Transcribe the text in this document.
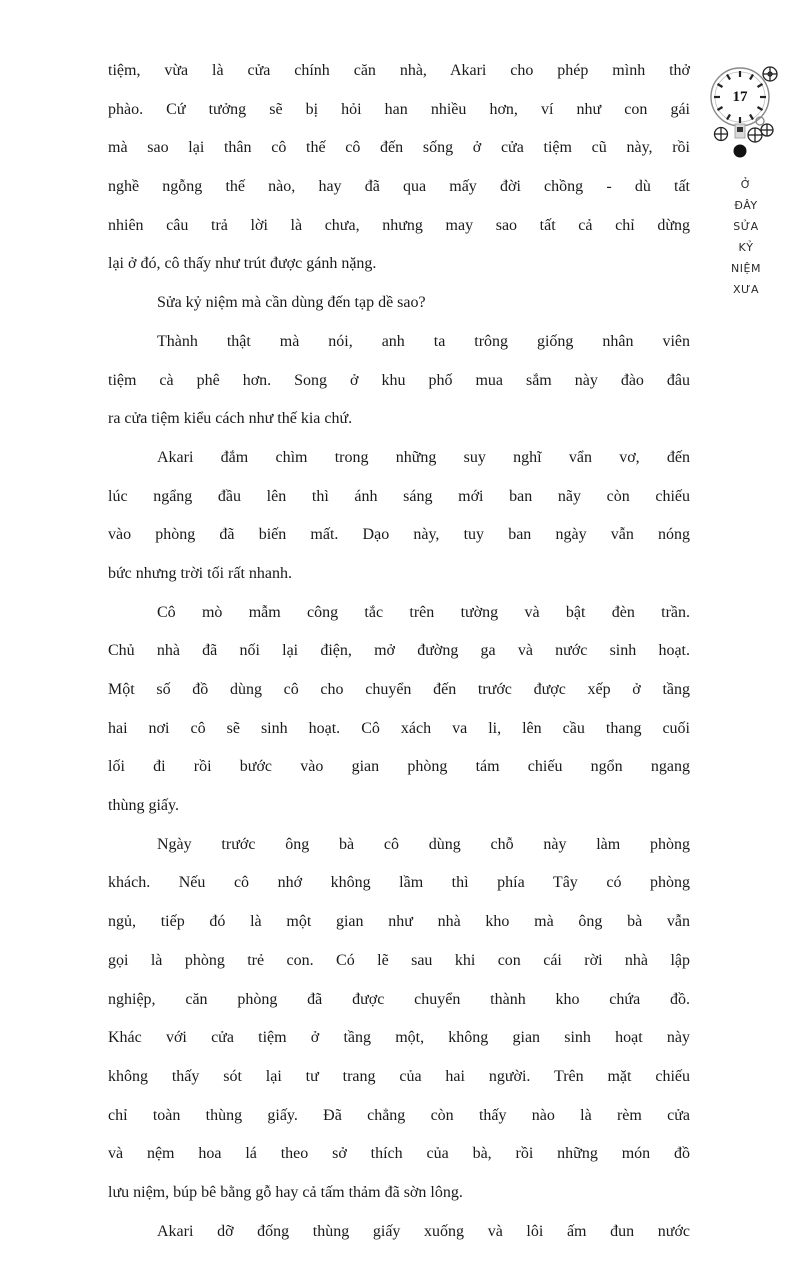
tiệm, vừa là cửa chính căn nhà, Akari cho phép mình thở
phào. Cứ tưởng sẽ bị hỏi han nhiều hơn, ví như con gái
mà sao lại thân cô thế cô đến sống ở cửa tiệm cũ này, rồi
nghề ngỗng thế nào, hay đã qua mấy đời chồng - dù tất
nhiên câu trả lời là chưa, nhưng may sao tất cả chỉ dừng
lại ở đó, cô thấy như trút được gánh nặng.
Sửa kỷ niệm mà cần dùng đến tạp dề sao?
Thành thật mà nói, anh ta trông giống nhân viên
tiệm cà phê hơn. Song ở khu phố mua sắm này đào đâu
ra cửa tiệm kiểu cách như thế kia chứ.
Akari đắm chìm trong những suy nghĩ vẩn vơ, đến
lúc ngẩng đầu lên thì ánh sáng mới ban nãy còn chiếu
vào phòng đã biến mất. Dạo này, tuy ban ngày vẫn nóng
bức nhưng trời tối rất nhanh.
Cô mò mẫm công tắc trên tường và bật đèn trần.
Chủ nhà đã nối lại điện, mở đường ga và nước sinh hoạt.
Một số đồ dùng cô cho chuyển đến trước được xếp ở tầng
hai nơi cô sẽ sinh hoạt. Cô xách va li, lên cầu thang cuối
lối đi rồi bước vào gian phòng tám chiếu ngổn ngang
thùng giấy.
Ngày trước ông bà cô dùng chỗ này làm phòng
khách. Nếu cô nhớ không lầm thì phía Tây có phòng
ngủ, tiếp đó là một gian như nhà kho mà ông bà vẫn
gọi là phòng trẻ con. Có lẽ sau khi con cái rời nhà lập
nghiệp, căn phòng đã được chuyển thành kho chứa đồ.
Khác với cửa tiệm ở tầng một, không gian sinh hoạt này
không thấy sót lại tư trang của hai người. Trên mặt chiếu
chỉ toàn thùng giấy. Đã chẳng còn thấy nào là rèm cửa
và nệm hoa lá theo sở thích của bà, rồi những món đồ
lưu niệm, búp bê bằng gỗ hay cả tấm thảm đã sờn lông.
Akari dỡ đống thùng giấy xuống và lôi ấm đun nước
17
Ở
ĐÂY
SỬA
KỶ
NIỆM
XƯA
